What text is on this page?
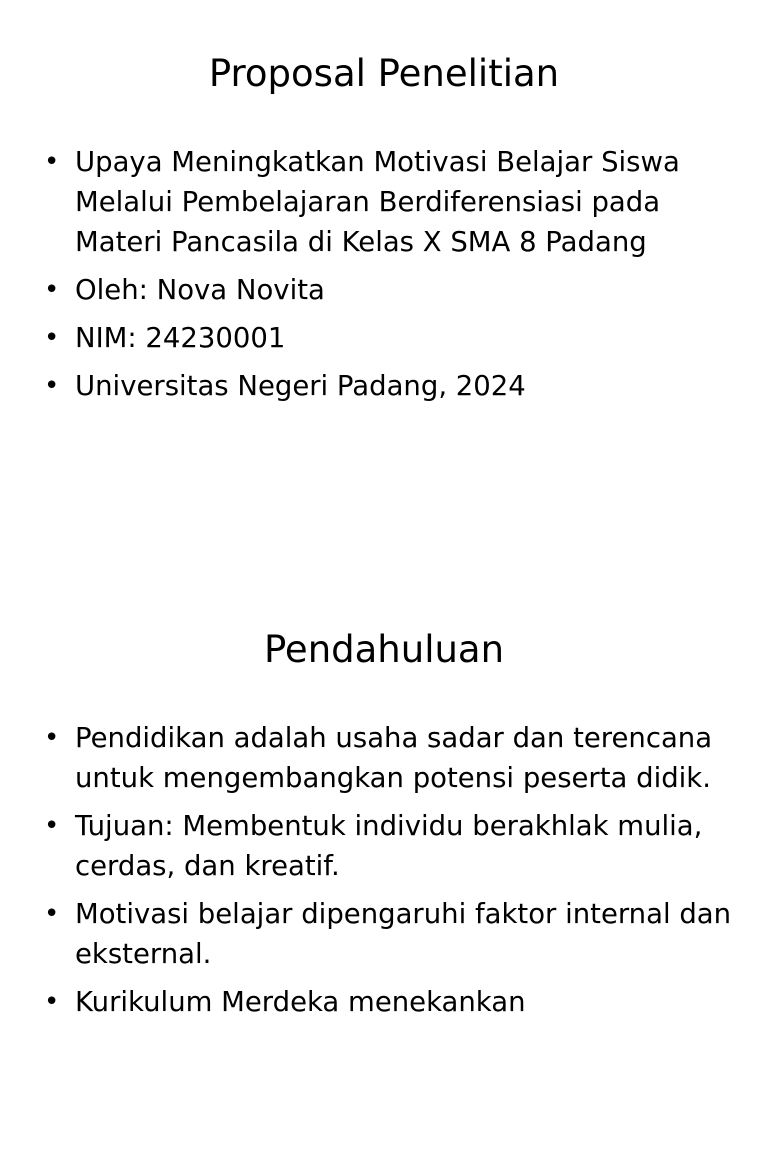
Proposal Penelitian
• Upaya Meningkatkan Motivasi Belajar Siswa Melalui Pembelajaran Berdiferensiasi pada Materi Pancasila di Kelas X SMA 8 Padang
• Oleh: Nova Novita
• NIM: 24230001
• Universitas Negeri Padang, 2024
Pendahuluan
• Pendidikan adalah usaha sadar dan terencana untuk mengembangkan potensi peserta didik.
• Tujuan: Membentuk individu berakhlak mulia, cerdas, dan kreatif.
• Motivasi belajar dipengaruhi faktor internal dan eksternal.
• Kurikulum Merdeka menekankan
